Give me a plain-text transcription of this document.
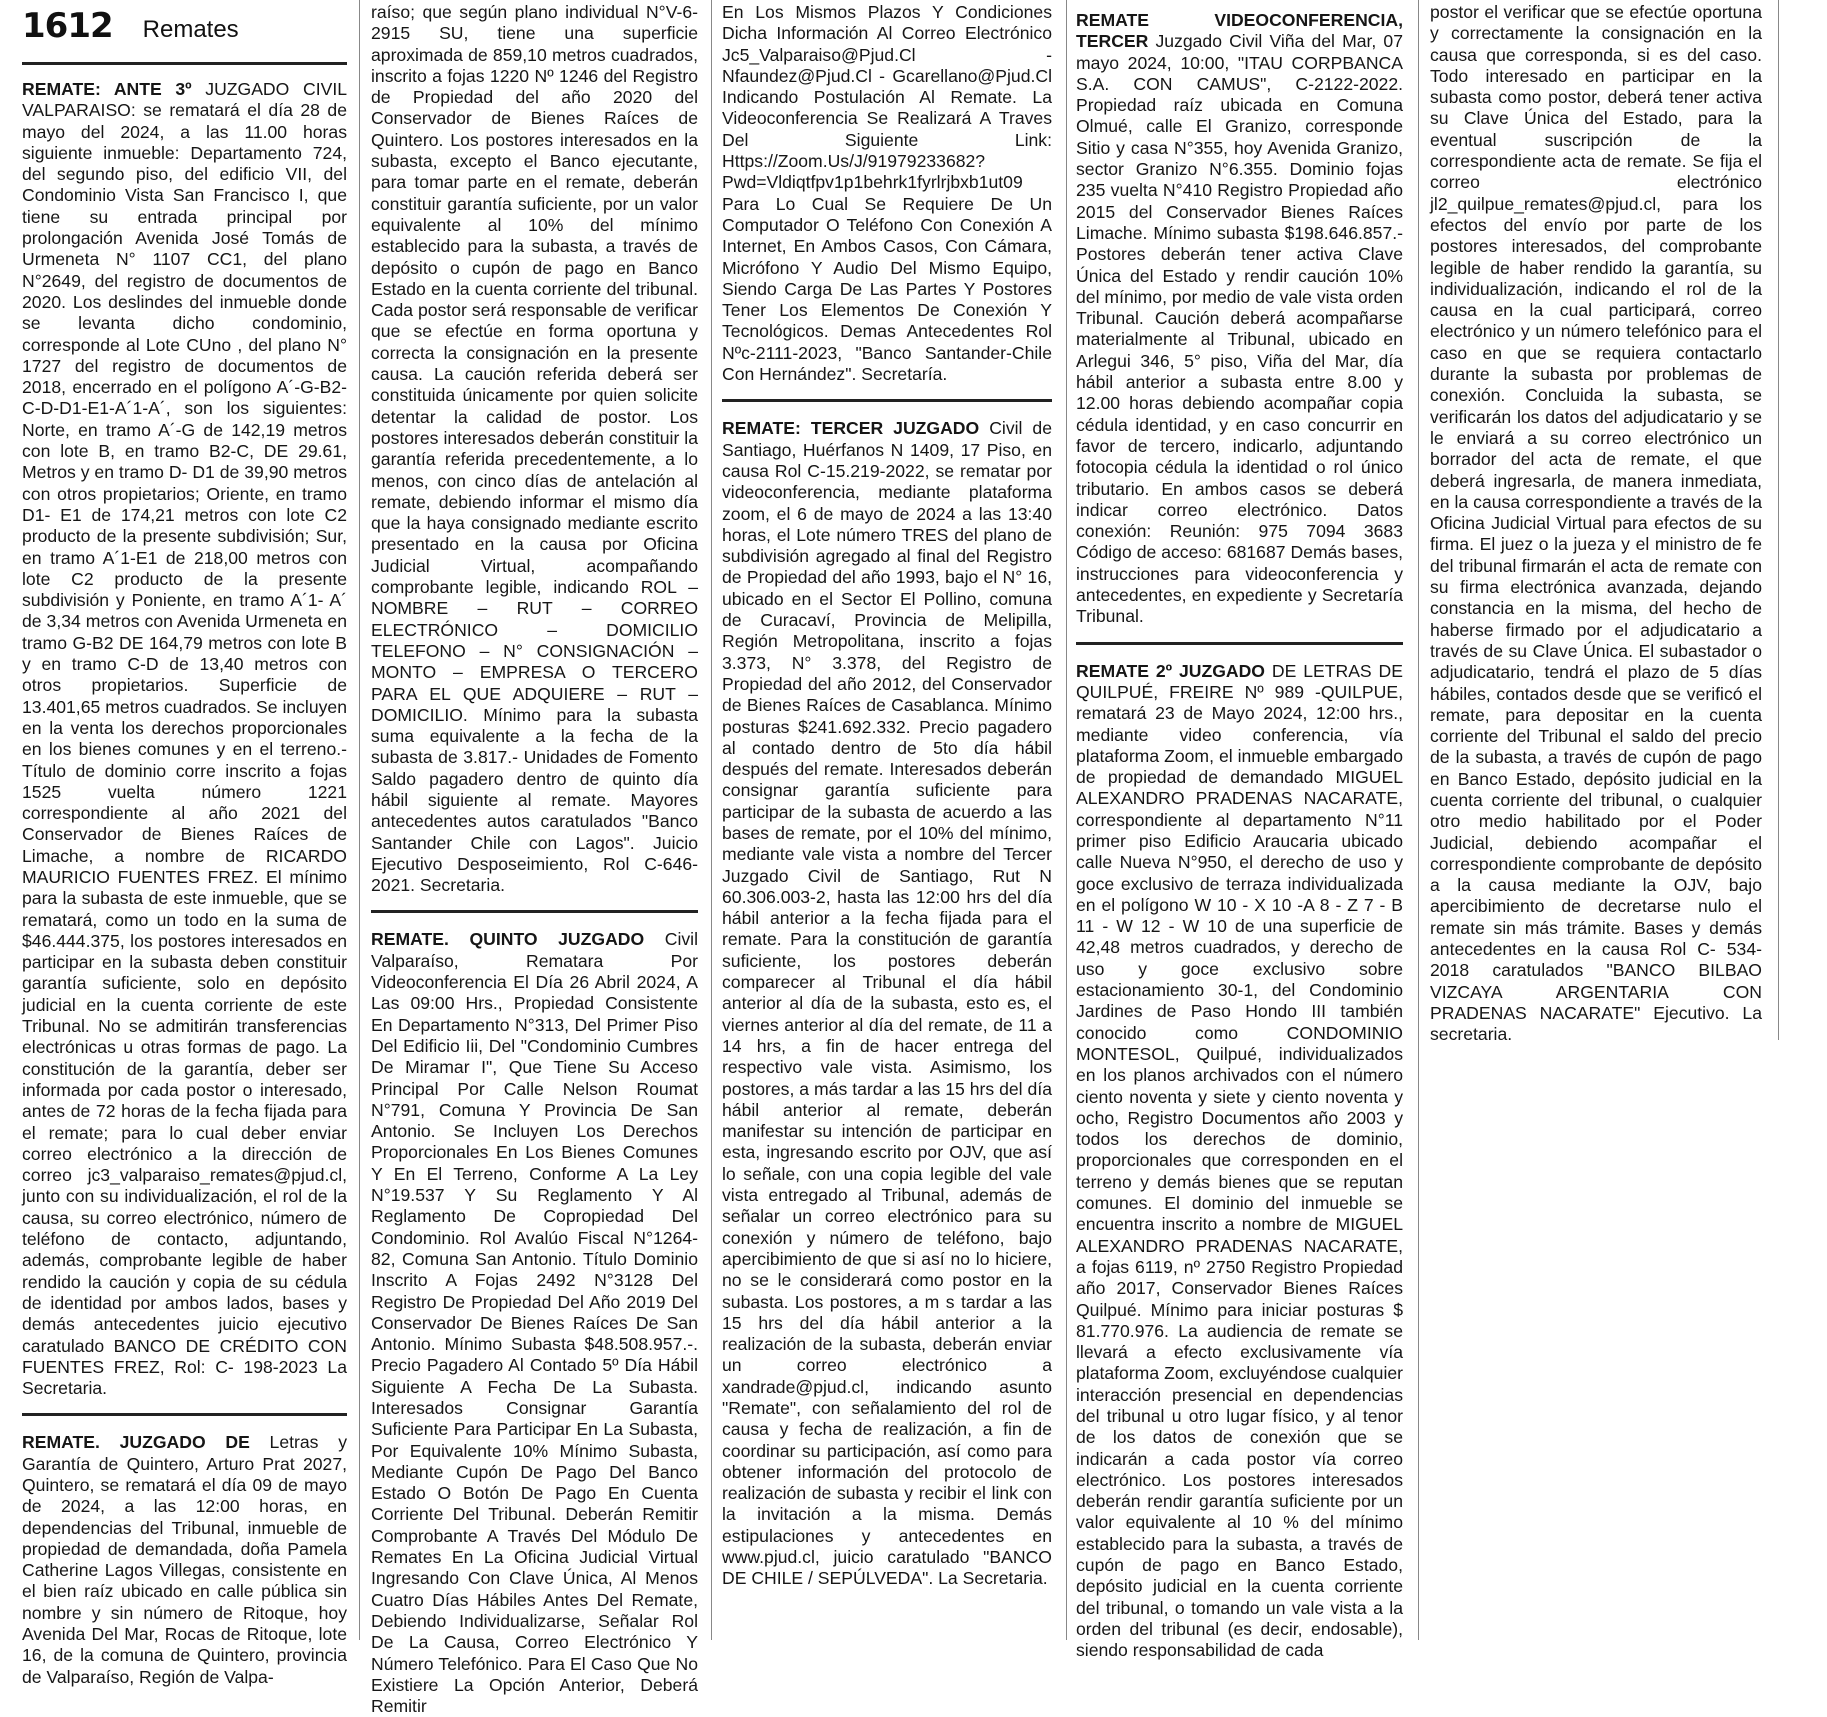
1612 Remates
REMATE: ANTE 3º JUZGADO CIVIL VALPARAISO: se rematará el día 28 de mayo del 2024, a las 11.00 horas siguiente inmueble: Departamento 724, del segundo piso, del edificio VII, del Condominio Vista San Francisco I, que tiene su entrada principal por prolongación Avenida José Tomás de Urmeneta N° 1107 CC1, del plano N°2649, del registro de documentos de 2020. Los deslindes del inmueble donde se levanta dicho condominio, corresponde al Lote CUno , del plano N° 1727 del registro de documentos de 2018, encerrado en el polígono A´-G-B2-C-D-D1-E1-A´1-A´, son los siguientes: Norte, en tramo A´-G de 142,19 metros con lote B, en tramo B2-C, DE 29.61, Metros y en tramo D- D1 de 39,90 metros con otros propietarios; Oriente, en tramo D1- E1 de 174,21 metros con lote C2 producto de la presente subdivisión; Sur, en tramo A´1-E1 de 218,00 metros con lote C2 producto de la presente subdivisión y Poniente, en tramo A´1- A´ de 3,34 metros con Avenida Urmeneta en tramo G-B2 DE 164,79 metros con lote B y en tramo C-D de 13,40 metros con otros propietarios. Superficie de 13.401,65 metros cuadrados. Se incluyen en la venta los derechos proporcionales en los bienes comunes y en el terreno.- Título de dominio corre inscrito a fojas 1525 vuelta número 1221 correspondiente al año 2021 del Conservador de Bienes Raíces de Limache, a nombre de RICARDO MAURICIO FUENTES FREZ. El mínimo para la subasta de este inmueble, que se rematará, como un todo en la suma de $46.444.375, los postores interesados en participar en la subasta deben constituir garantía suficiente, solo en depósito judicial en la cuenta corriente de este Tribunal. No se admitirán transferencias electrónicas u otras formas de pago. La constitución de la garantía, deber ser informada por cada postor o interesado, antes de 72 horas de la fecha fijada para el remate; para lo cual deber enviar correo electrónico a la dirección de correo jc3_valparaiso_remates@pjud.cl, junto con su individualización, el rol de la causa, su correo electrónico, número de teléfono de contacto, adjuntando, además, comprobante legible de haber rendido la caución y copia de su cédula de identidad por ambos lados, bases y demás antecedentes juicio ejecutivo caratulado BANCO DE CRÉDITO CON FUENTES FREZ, Rol: C- 198-2023 La Secretaria.
REMATE. JUZGADO DE Letras y Garantía de Quintero, Arturo Prat 2027, Quintero, se rematará el día 09 de mayo de 2024, a las 12:00 horas, en dependencias del Tribunal, inmueble de propiedad de demandada, doña Pamela Catherine Lagos Villegas, consistente en el bien raíz ubicado en calle pública sin nombre y sin número de Ritoque, hoy Avenida Del Mar, Rocas de Ritoque, lote 16, de la comuna de Quintero, provincia de Valparaíso, Región de Valpa-

raíso; que según plano individual N°V-6-2915 SU, tiene una superficie aproximada de 859,10 metros cuadrados, inscrito a fojas 1220 Nº 1246 del Registro de Propiedad del año 2020 del Conservador de Bienes Raíces de Quintero. Los postores interesados en la subasta, excepto el Banco ejecutante, para tomar parte en el remate, deberán constituir garantía suficiente, por un valor equivalente al 10% del mínimo establecido para la subasta, a través de depósito o cupón de pago en Banco Estado en la cuenta corriente del tribunal. Cada postor será responsable de verificar que se efectúe en forma oportuna y correcta la consignación en la presente causa. La caución referida deberá ser constituida únicamente por quien solicite detentar la calidad de postor. Los postores interesados deberán constituir la garantía referida precedentemente, a lo menos, con cinco días de antelación al remate, debiendo informar el mismo día que la haya consignado mediante escrito presentado en la causa por Oficina Judicial Virtual, acompañando comprobante legible, indicando ROL – NOMBRE – RUT – CORREO ELECTRÓNICO – DOMICILIO TELEFONO – N° CONSIGNACIÓN – MONTO – EMPRESA O TERCERO PARA EL QUE ADQUIERE – RUT – DOMICILIO. Mínimo para la subasta suma equivalente a la fecha de la subasta de 3.817.- Unidades de Fomento Saldo pagadero dentro de quinto día hábil siguiente al remate. Mayores antecedentes autos caratulados "Banco Santander Chile con Lagos". Juicio Ejecutivo Desposeimiento, Rol C-646-2021. Secretaria.

REMATE. QUINTO JUZGADO Civil Valparaíso, Rematara Por Videoconferencia El Día 26 Abril 2024, A Las 09:00 Hrs., Propiedad Consistente En Departamento N°313, Del Primer Piso Del Edificio Iii, Del "Condominio Cumbres De Miramar I", Que Tiene Su Acceso Principal Por Calle Nelson Roumat N°791, Comuna Y Provincia De San Antonio. Se Incluyen Los Derechos Proporcionales En Los Bienes Comunes Y En El Terreno, Conforme A La Ley N°19.537 Y Su Reglamento Y Al Reglamento De Copropiedad Del Condominio. Rol Avalúo Fiscal N°1264-82, Comuna San Antonio. Título Dominio Inscrito A Fojas 2492 N°3128 Del Registro De Propiedad Del Año 2019 Del Conservador De Bienes Raíces De San Antonio. Mínimo Subasta $48.508.957.-. Precio Pagadero Al Contado 5º Día Hábil Siguiente A Fecha De La Subasta. Interesados Consignar Garantía Suficiente Para Participar En La Subasta, Por Equivalente 10% Mínimo Subasta, Mediante Cupón De Pago Del Banco Estado O Botón De Pago En Cuenta Corriente Del Tribunal. Deberán Remitir Comprobante A Través Del Módulo De Remates En La Oficina Judicial Virtual Ingresando Con Clave Única, Al Menos Cuatro Días Hábiles Antes Del Remate, Debiendo Individualizarse, Señalar Rol De La Causa, Correo Electrónico Y Número Telefónico. Para El Caso Que No Existiere La Opción Anterior, Deberá Remitir

En Los Mismos Plazos Y Condiciones Dicha Información Al Correo Electrónico Jc5_Valparaiso@Pjud.Cl - Nfaundez@Pjud.Cl - Gcarellano@Pjud.Cl Indicando Postulación Al Remate. La Videoconferencia Se Realizará A Traves Del Siguiente Link: Https://Zoom.Us/J/91979233682?Pwd=Vldiqtfpv1p1behrk1fyrlrjbxb1ut09 Para Lo Cual Se Requiere De Un Computador O Teléfono Con Conexión A Internet, En Ambos Casos, Con Cámara, Micrófono Y Audio Del Mismo Equipo, Siendo Carga De Las Partes Y Postores Tener Los Elementos De Conexión Y Tecnológicos. Demas Antecedentes Rol Nºc-2111-2023, "Banco Santander-Chile Con Hernández". Secretaría.

REMATE: TERCER JUZGADO Civil de Santiago, Huérfanos N 1409, 17 Piso, en causa Rol C-15.219-2022, se rematar por videoconferencia, mediante plataforma zoom, el 6 de mayo de 2024 a las 13:40 horas, el Lote número TRES del plano de subdivisión agregado al final del Registro de Propiedad del año 1993, bajo el N° 16, ubicado en el Sector El Pollino, comuna de Curacaví, Provincia de Melipilla, Región Metropolitana, inscrito a fojas 3.373, N° 3.378, del Registro de Propiedad del año 2012, del Conservador de Bienes Raíces de Casablanca. Mínimo posturas $241.692.332. Precio pagadero al contado dentro de 5to día hábil después del remate. Interesados deberán consignar garantía suficiente para participar de la subasta de acuerdo a las bases de remate, por el 10% del mínimo, mediante vale vista a nombre del Tercer Juzgado Civil de Santiago, Rut N 60.306.003-2, hasta las 12:00 hrs del día hábil anterior a la fecha fijada para el remate. Para la constitución de garantía suficiente, los postores deberán comparecer al Tribunal el día hábil anterior al día de la subasta, esto es, el viernes anterior al día del remate, de 11 a 14 hrs, a fin de hacer entrega del respectivo vale vista. Asimismo, los postores, a más tardar a las 15 hrs del día hábil anterior al remate, deberán manifestar su intención de participar en esta, ingresando escrito por OJV, que así lo señale, con una copia legible del vale vista entregado al Tribunal, además de señalar un correo electrónico para su conexión y número de teléfono, bajo apercibimiento de que si así no lo hiciere, no se le considerará como postor en la subasta. Los postores, a m s tardar a las 15 hrs del día hábil anterior a la realización de la subasta, deberán enviar un correo electrónico a xandrade@pjud.cl, indicando asunto "Remate", con señalamiento del rol de causa y fecha de realización, a fin de coordinar su participación, así como para obtener información del protocolo de realización de subasta y recibir el link con la invitación a la misma. Demás estipulaciones y antecedentes en www.pjud.cl, juicio caratulado "BANCO DE CHILE / SEPÚLVEDA". La Secretaria.
REMATE VIDEOCONFERENCIA, TERCER Juzgado Civil Viña del Mar, 07 mayo 2024, 10:00, "ITAU CORPBANCA S.A. CON CAMUS", C-2122-2022. Propiedad raíz ubicada en Comuna Olmué, calle El Granizo, corresponde Sitio y casa N°355, hoy Avenida Granizo, sector Granizo N°6.355. Dominio fojas 235 vuelta N°410 Registro Propiedad año 2015 del Conservador Bienes Raíces Limache. Mínimo subasta $198.646.857.- Postores deberán tener activa Clave Única del Estado y rendir caución 10% del mínimo, por medio de vale vista orden Tribunal. Caución deberá acompañarse materialmente al Tribunal, ubicado en Arlegui 346, 5° piso, Viña del Mar, día hábil anterior a subasta entre 8.00 y 12.00 horas debiendo acompañar copia cédula identidad, y en caso concurrir en favor de tercero, indicarlo, adjuntando fotocopia cédula la identidad o rol único tributario. En ambos casos se deberá indicar correo electrónico. Datos conexión: Reunión: 975 7094 3683 Código de acceso: 681687 Demás bases, instrucciones para videoconferencia y antecedentes, en expediente y Secretaría Tribunal.
REMATE 2º JUZGADO DE LETRAS DE QUILPUÉ, FREIRE Nº 989 -QUILPUE, rematará 23 de Mayo 2024, 12:00 hrs., mediante video conferencia, vía plataforma Zoom, el inmueble embargado de propiedad de demandado MIGUEL ALEXANDRO PRADENAS NACARATE, correspondiente al departamento N°11 primer piso Edificio Araucaria ubicado calle Nueva N°950, el derecho de uso y goce exclusivo de terraza individualizada en el polígono W 10 - X 10 -A 8 - Z 7 - B 11 - W 12 - W 10 de una superficie de 42,48 metros cuadrados, y derecho de uso y goce exclusivo sobre estacionamiento 30-1, del Condominio Jardines de Paso Hondo III también conocido como CONDOMINIO MONTESOL, Quilpué, individualizados en los planos archivados con el número ciento noventa y siete y ciento noventa y ocho, Registro Documentos año 2003 y todos los derechos de dominio, proporcionales que corresponden en el terreno y demás bienes que se reputan comunes. El dominio del inmueble se encuentra inscrito a nombre de MIGUEL ALEXANDRO PRADENAS NACARATE, a fojas 6119, nº 2750 Registro Propiedad año 2017, Conservador Bienes Raíces Quilpué. Mínimo para iniciar posturas $ 81.770.976. La audiencia de remate se llevará a efecto exclusivamente vía plataforma Zoom, excluyéndose cualquier interacción presencial en dependencias del tribunal u otro lugar físico, y al tenor de los datos de conexión que se indicarán a cada postor vía correo electrónico. Los postores interesados deberán rendir garantía suficiente por un valor equivalente al 10 % del mínimo establecido para la subasta, a través de cupón de pago en Banco Estado, depósito judicial en la cuenta corriente del tribunal, o tomando un vale vista a la orden del tribunal (es decir, endosable), siendo responsabilidad de cada

postor el verificar que se efectúe oportuna y correctamente la consignación en la causa que corresponda, si es del caso. Todo interesado en participar en la subasta como postor, deberá tener activa su Clave Única del Estado, para la eventual suscripción de la correspondiente acta de remate. Se fija el correo electrónico jl2_quilpue_remates@pjud.cl, para los efectos del envío por parte de los postores interesados, del comprobante legible de haber rendido la garantía, su individualización, indicando el rol de la causa en la cual participará, correo electrónico y un número telefónico para el caso en que se requiera contactarlo durante la subasta por problemas de conexión. Concluida la subasta, se verificarán los datos del adjudicatario y se le enviará a su correo electrónico un borrador del acta de remate, el que deberá ingresarla, de manera inmediata, en la causa correspondiente a través de la Oficina Judicial Virtual para efectos de su firma. El juez o la jueza y el ministro de fe del tribunal firmarán el acta de remate con su firma electrónica avanzada, dejando constancia en la misma, del hecho de haberse firmado por el adjudicatario a través de su Clave Única. El subastador o adjudicatario, tendrá el plazo de 5 días hábiles, contados desde que se verificó el remate, para depositar en la cuenta corriente del Tribunal el saldo del precio de la subasta, a través de cupón de pago en Banco Estado, depósito judicial en la cuenta corriente del tribunal, o cualquier otro medio habilitado por el Poder Judicial, debiendo acompañar el correspondiente comprobante de depósito a la causa mediante la OJV, bajo apercibimiento de decretarse nulo el remate sin más trámite. Bases y demás antecedentes en la causa Rol C- 534-2018 caratulados "BANCO BILBAO VIZCAYA ARGENTARIA CON PRADENAS NACARATE" Ejecutivo. La secretaria.
